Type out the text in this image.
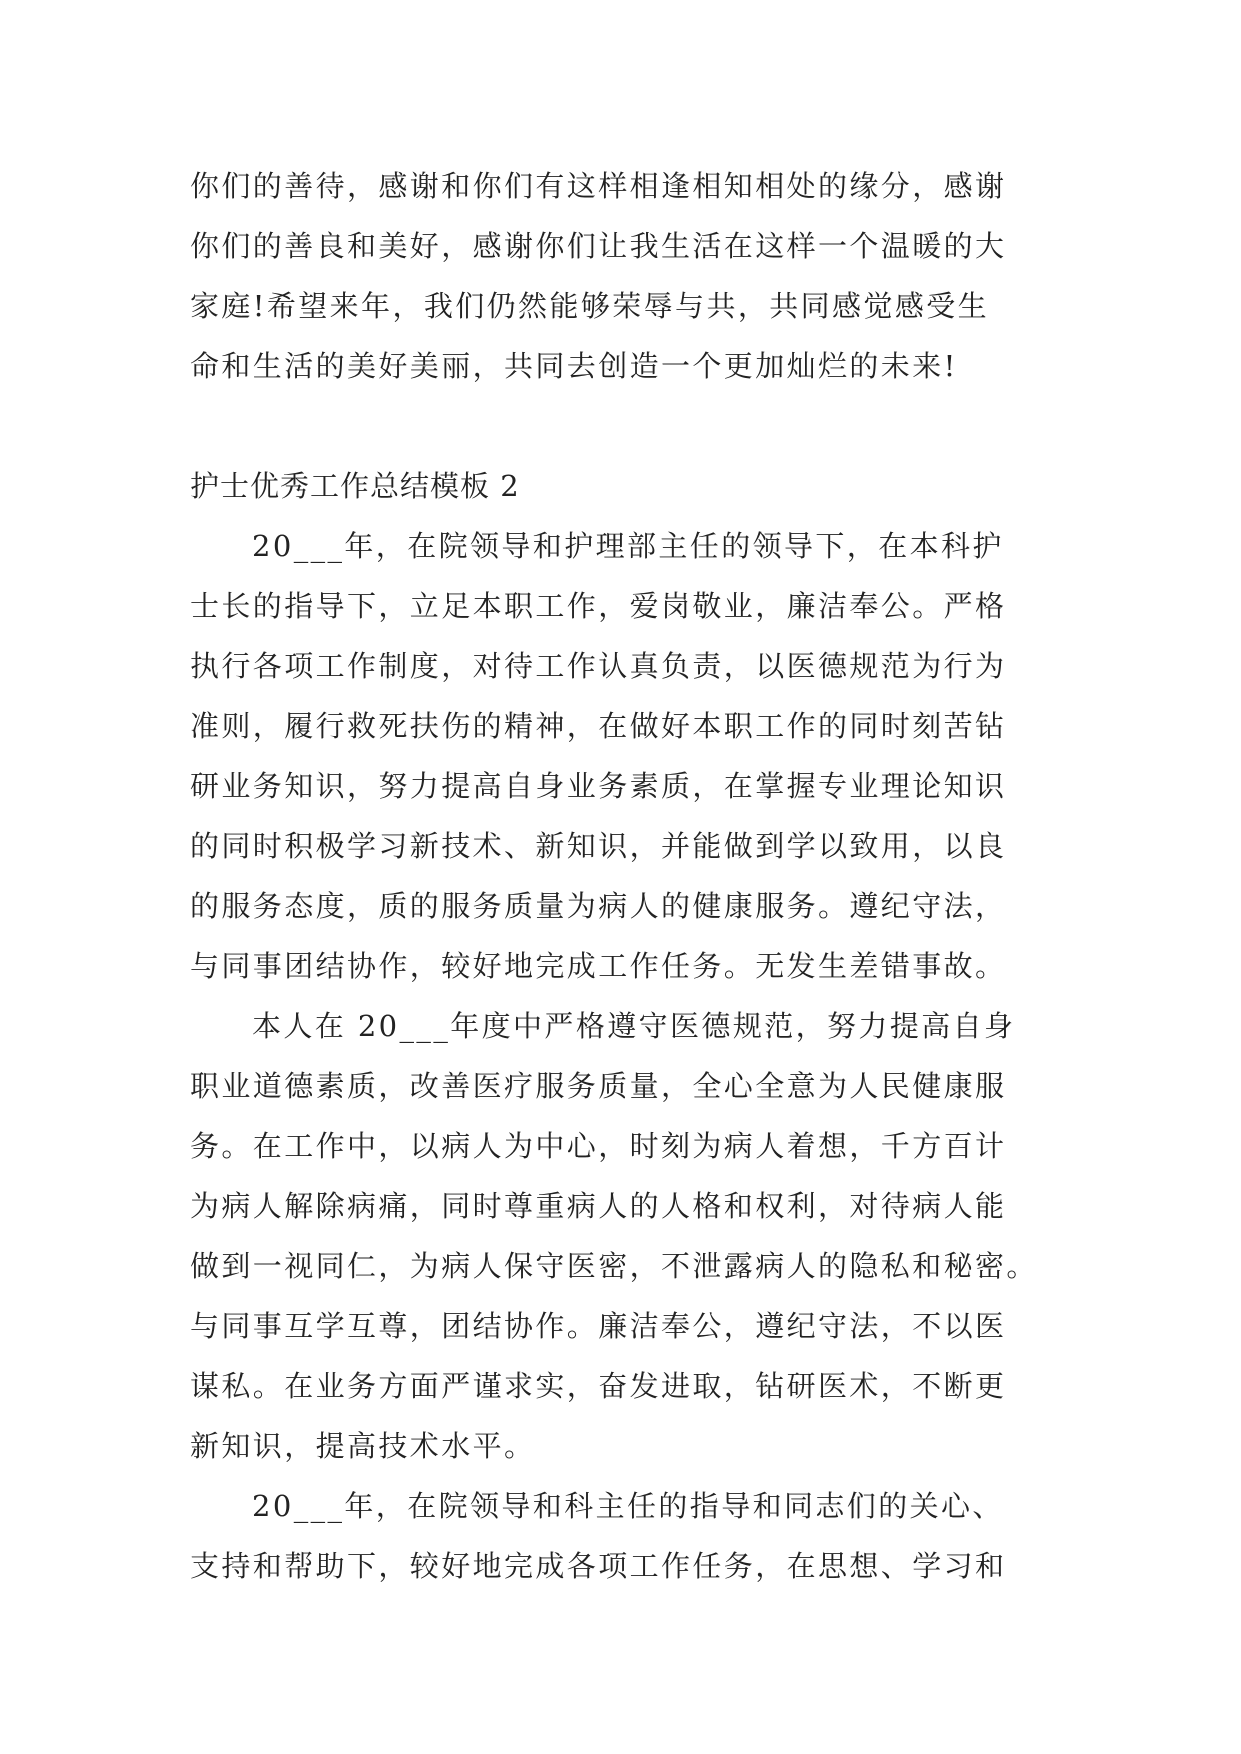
你们的善待，感谢和你们有这样相逢相知相处的缘分，感谢
你们的善良和美好，感谢你们让我生活在这样一个温暖的大
家庭!希望来年，我们仍然能够荣辱与共，共同感觉感受生
命和生活的美好美丽，共同去创造一个更加灿烂的未来!
护士优秀工作总结模板 2
20___年，在院领导和护理部主任的领导下，在本科护
士长的指导下，立足本职工作，爱岗敬业，廉洁奉公。严格
执行各项工作制度，对待工作认真负责，以医德规范为行为
准则，履行救死扶伤的精神，在做好本职工作的同时刻苦钻
研业务知识，努力提高自身业务素质，在掌握专业理论知识
的同时积极学习新技术、新知识，并能做到学以致用，以良
的服务态度，质的服务质量为病人的健康服务。遵纪守法，
与同事团结协作，较好地完成工作任务。无发生差错事故。
本人在 20___年度中严格遵守医德规范，努力提高自身
职业道德素质，改善医疗服务质量，全心全意为人民健康服
务。在工作中，以病人为中心，时刻为病人着想，千方百计
为病人解除病痛，同时尊重病人的人格和权利，对待病人能
做到一视同仁，为病人保守医密，不泄露病人的隐私和秘密。
与同事互学互尊，团结协作。廉洁奉公，遵纪守法，不以医
谋私。在业务方面严谨求实，奋发进取，钻研医术，不断更
新知识，提高技术水平。
20___年，在院领导和科主任的指导和同志们的关心、
支持和帮助下，较好地完成各项工作任务，在思想、学习和
